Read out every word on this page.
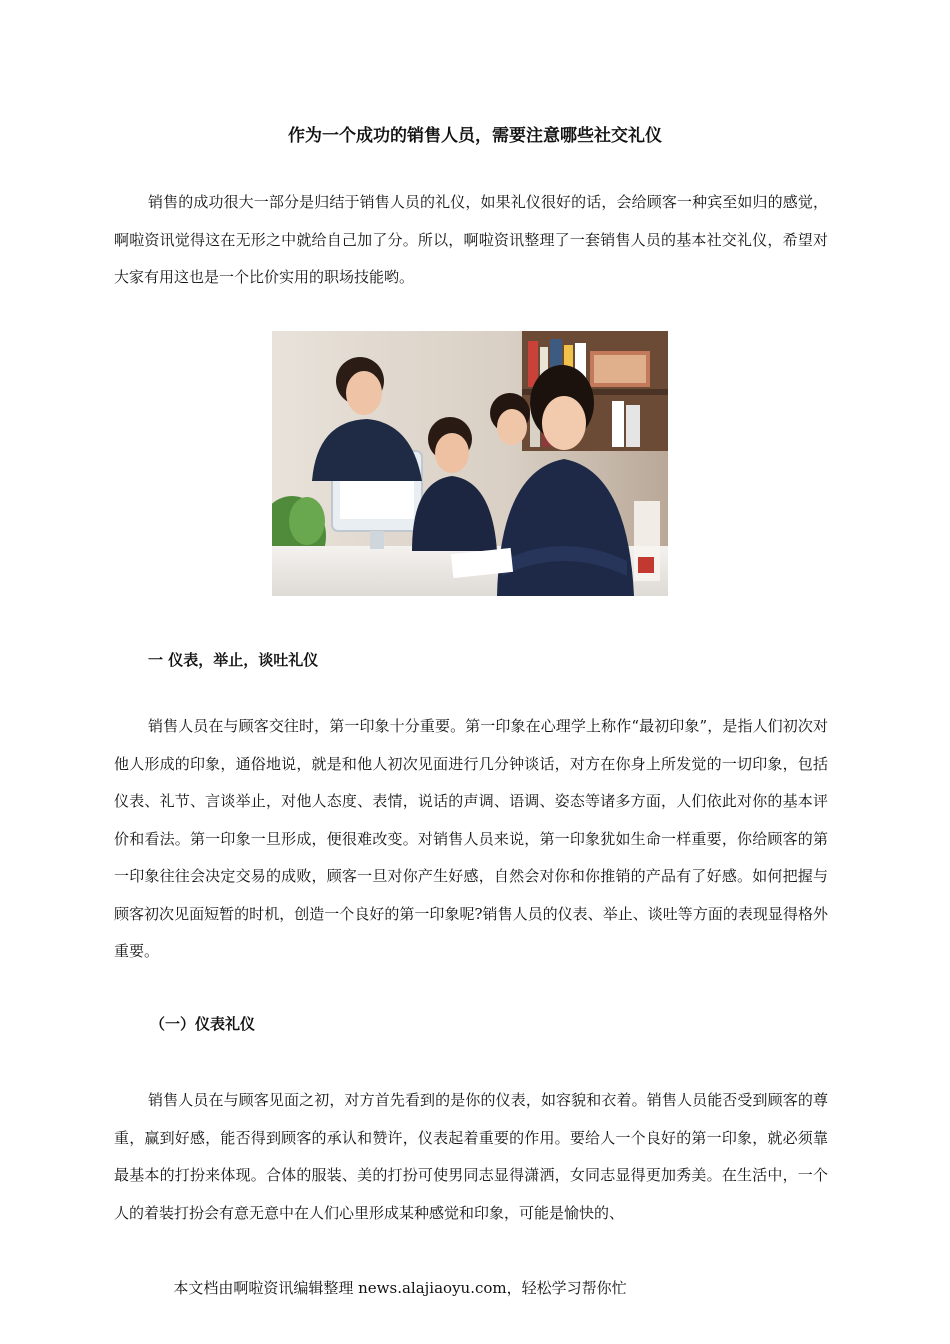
作为一个成功的销售人员，需要注意哪些社交礼仪

销售的成功很大一部分是归结于销售人员的礼仪，如果礼仪很好的话，会给顾客一种宾至如归的感觉，啊啦资讯觉得这在无形之中就给自己加了分。所以，啊啦资讯整理了一套销售人员的基本社交礼仪，希望对大家有用这也是一个比价实用的职场技能哟。

一 仪表，举止，谈吐礼仪

销售人员在与顾客交往时，第一印象十分重要。第一印象在心理学上称作“最初印象”，是指人们初次对他人形成的印象，通俗地说，就是和他人初次见面进行几分钟谈话，对方在你身上所发觉的一切印象，包括仪表、礼节、言谈举止，对他人态度、表情，说话的声调、语调、姿态等诸多方面，人们依此对你的基本评价和看法。第一印象一旦形成，便很难改变。对销售人员来说，第一印象犹如生命一样重要，你给顾客的第一印象往往会决定交易的成败，顾客一旦对你产生好感，自然会对你和你推销的产品有了好感。如何把握与顾客初次见面短暂的时机，创造一个良好的第一印象呢?销售人员的仪表、举止、谈吐等方面的表现显得格外重要。

（一）仪表礼仪

销售人员在与顾客见面之初，对方首先看到的是你的仪表，如容貌和衣着。销售人员能否受到顾客的尊重，赢到好感，能否得到顾客的承认和赞许，仪表起着重要的作用。要给人一个良好的第一印象，就必须靠最基本的打扮来体现。合体的服装、美的打扮可使男同志显得潇洒，女同志显得更加秀美。在生活中，一个人的着装打扮会有意无意中在人们心里形成某种感觉和印象，可能是愉快的、

本文档由啊啦资讯编辑整理 news.alajiaoyu.com，轻松学习帮你忙
